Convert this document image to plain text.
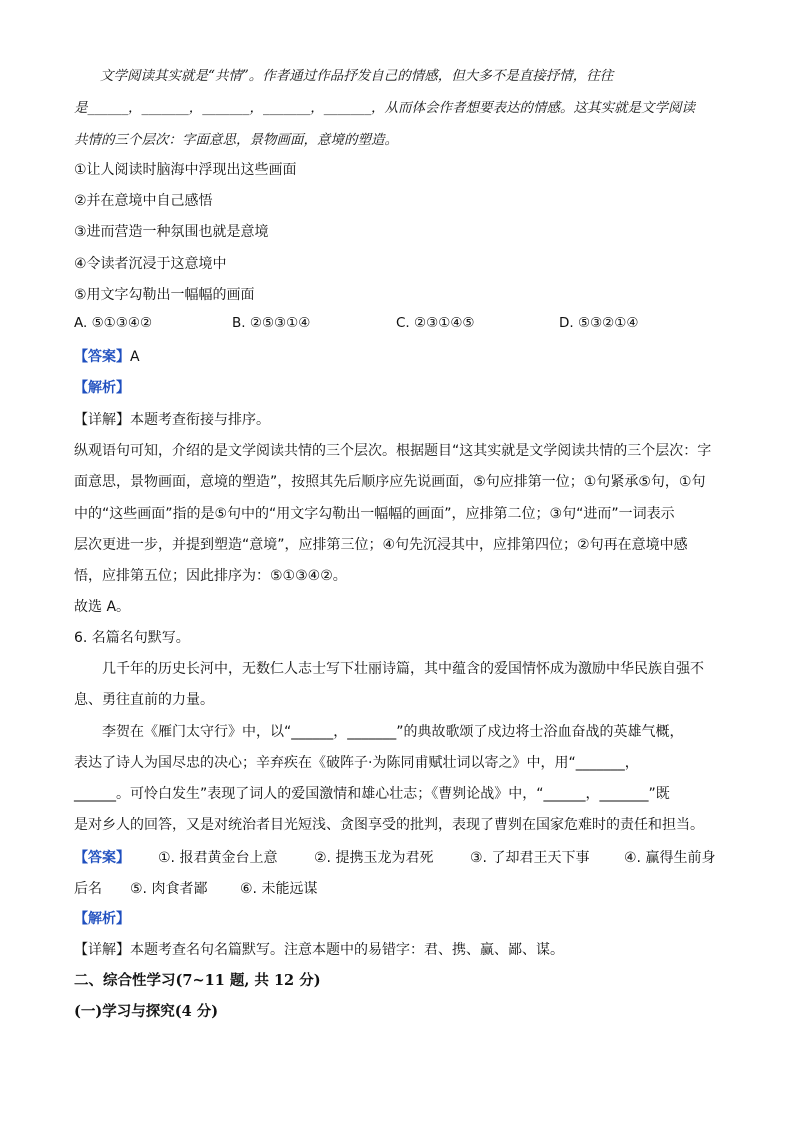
文学阅读其实就是“共情”。作者通过作品抒发自己的情感，但大多不是直接抒情，往往
是______，_______，_______，_______，_______，从而体会作者想要表达的情感。这其实就是文学阅读
共情的三个层次：字面意思，景物画面，意境的塑造。
①让人阅读时脑海中浮现出这些画面
②并在意境中自己感悟
③进而营造一种氛围也就是意境
④令读者沉浸于这意境中
⑤用文字勾勒出一幅幅的画面
A. ⑤①③④②	B. ②⑤③①④	C. ②③①④⑤	D. ⑤③②①④
【答案】A
【解析】
【详解】本题考查衔接与排序。
纵观语句可知，介绍的是文学阅读共情的三个层次。根据题目“这其实就是文学阅读共情的三个层次：字
面意思，景物画面，意境的塑造”，按照其先后顺序应先说画面，⑤句应排第一位；①句紧承⑤句，①句
中的“这些画面”指的是⑤句中的“用文字勾勒出一幅幅的画面”，应排第二位；③句“进而”一词表示
层次更进一步，并提到塑造“意境”，应排第三位；④句先沉浸其中，应排第四位；②句再在意境中感
悟，应排第五位；因此排序为：⑤①③④②。
故选 A。
6. 名篇名句默写。
几千年的历史长河中，无数仁人志士写下壮丽诗篇，其中蕴含的爱国情怀成为激励中华民族自强不
息、勇往直前的力量。
李贺在《雁门太守行》中，以“______，_______”的典故歌颂了戍边将士浴血奋战的英雄气概，
表达了诗人为国尽忠的决心；辛弃疾在《破阵子·为陈同甫赋壮词以寄之》中，用“_______，
______。可怜白发生”表现了词人的爱国激情和雄心壮志；《曹刿论战》中，“______，_______”既
是对乡人的回答，又是对统治者目光短浅、贪图享受的批判，表现了曹刿在国家危难时的责任和担当。
【答案】 ①. 报君黄金台上意	②. 提携玉龙为君死	③. 了却君王天下事 ④. 赢得生前身
后名 ⑤. 肉食者鄙 ⑥. 未能远谋
【解析】
【详解】本题考查名句名篇默写。注意本题中的易错字：君、携、赢、鄙、谋。
二、综合性学习(7~11 题, 共 12 分)
(一)学习与探究(4 分)
